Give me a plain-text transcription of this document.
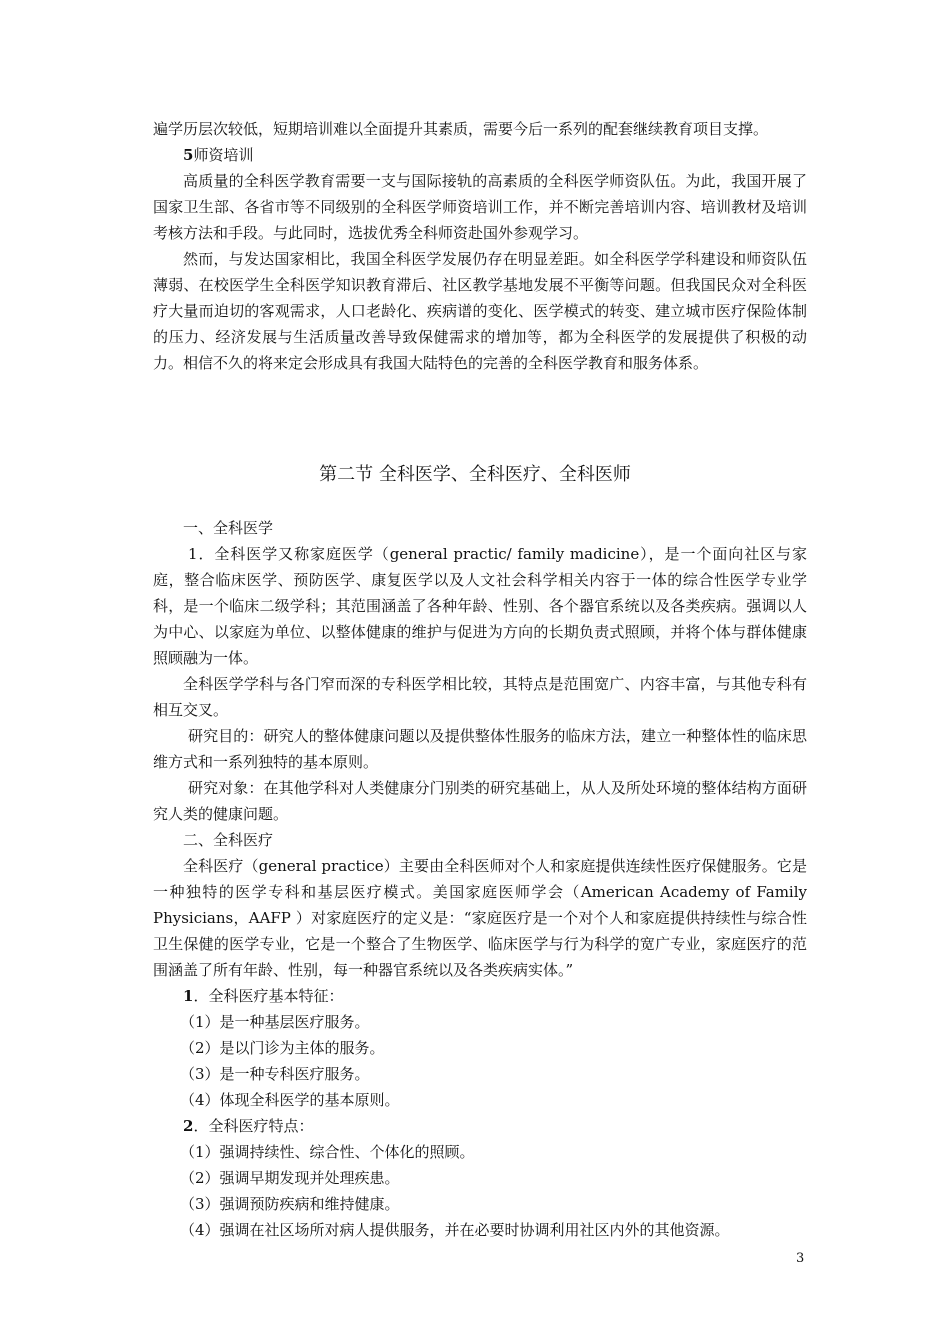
遍学历层次较低，短期培训难以全面提升其素质，需要今后一系列的配套继续教育项目支撑。

5师资培训

高质量的全科医学教育需要一支与国际接轨的高素质的全科医学师资队伍。为此，我国开展了国家卫生部、各省市等不同级别的全科医学师资培训工作，并不断完善培训内容、培训教材及培训考核方法和手段。与此同时，选拔优秀全科师资赴国外参观学习。

然而，与发达国家相比，我国全科医学发展仍存在明显差距。如全科医学学科建设和师资队伍薄弱、在校医学生全科医学知识教育滞后、社区教学基地发展不平衡等问题。但我国民众对全科医疗大量而迫切的客观需求，人口老龄化、疾病谱的变化、医学模式的转变、建立城市医疗保险体制的压力、经济发展与生活质量改善导致保健需求的增加等，都为全科医学的发展提供了积极的动力。相信不久的将来定会形成具有我国大陆特色的完善的全科医学教育和服务体系。

第二节 全科医学、全科医疗、全科医师

一、全科医学

1．全科医学又称家庭医学（general practic/ family madicine），是一个面向社区与家庭，整合临床医学、预防医学、康复医学以及人文社会科学相关内容于一体的综合性医学专业学科，是一个临床二级学科；其范围涵盖了各种年龄、性别、各个器官系统以及各类疾病。强调以人为中心、以家庭为单位、以整体健康的维护与促进为方向的长期负责式照顾，并将个体与群体健康照顾融为一体。

全科医学学科与各门窄而深的专科医学相比较，其特点是范围宽广、内容丰富，与其他专科有相互交叉。

研究目的：研究人的整体健康问题以及提供整体性服务的临床方法，建立一种整体性的临床思维方式和一系列独特的基本原则。

研究对象：在其他学科对人类健康分门别类的研究基础上，从人及所处环境的整体结构方面研究人类的健康问题。

二、全科医疗

全科医疗（general practice）主要由全科医师对个人和家庭提供连续性医疗保健服务。它是一种独特的医学专科和基层医疗模式。美国家庭医师学会（American Academy of Family Physicians，AAFP ）对家庭医疗的定义是：“家庭医疗是一个对个人和家庭提供持续性与综合性卫生保健的医学专业，它是一个整合了生物医学、临床医学与行为科学的宽广专业，家庭医疗的范围涵盖了所有年龄、性别，每一种器官系统以及各类疾病实体。”

1．全科医疗基本特征：

（1）是一种基层医疗服务。

（2）是以门诊为主体的服务。

（3）是一种专科医疗服务。

（4）体现全科医学的基本原则。

2．全科医疗特点：

（1）强调持续性、综合性、个体化的照顾。

（2）强调早期发现并处理疾患。

（3）强调预防疾病和维持健康。

（4）强调在社区场所对病人提供服务，并在必要时协调利用社区内外的其他资源。

3
